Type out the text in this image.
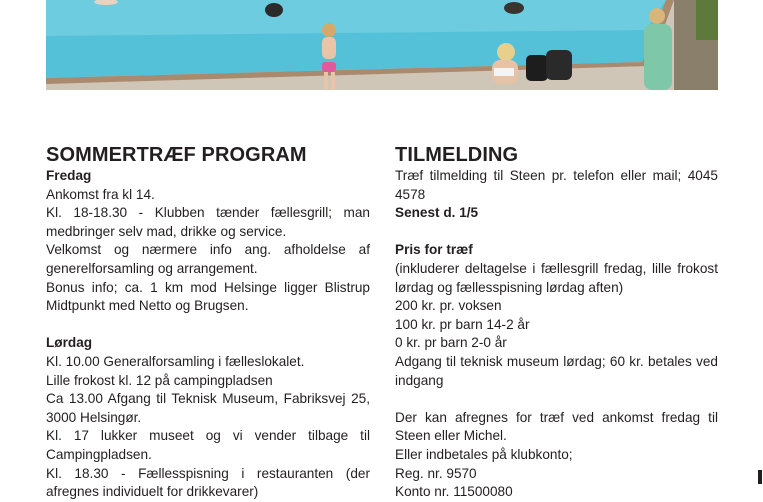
SOMMERTRÆF PROGRAM
Fredag
Ankomst fra kl 14.
Kl. 18-18.30 - Klubben tænder fællesgrill; man medbringer selv mad, drikke og service.
Velkomst og nærmere info ang. afholdelse af generelforsamling og arrangement.
Bonus info; ca. 1 km mod Helsinge ligger Blistrup Midtpunkt med Netto og Brugsen.
Lørdag
Kl. 10.00 Generalforsamling i fælleslokalet.
Lille frokost kl. 12 på campingpladsen
Ca 13.00 Afgang til Teknisk Museum, Fabriksvej 25, 3000 Helsingør.
Kl. 17 lukker museet og vi vender tilbage til Campingpladsen.
Kl. 18.30 - Fællesspisning i restauranten (der afregnes individuelt for drikkevarer)
TILMELDING
Træf tilmelding til Steen pr. telefon eller mail; 4045 4578
Senest d. 1/5
Pris for træf
(inkluderer deltagelse i fællesgrill fredag, lille frokost lørdag og fællesspisning lørdag aften)
200 kr. pr. voksen
100 kr. pr barn 14-2 år
0 kr. pr barn 2-0 år
Adgang til teknisk museum lørdag; 60 kr. betales ved indgang
Der kan afregnes for træf ved ankomst fredag til Steen eller Michel.
Eller indbetales på klubkonto;
Reg. nr. 9570
Konto nr. 11500080
